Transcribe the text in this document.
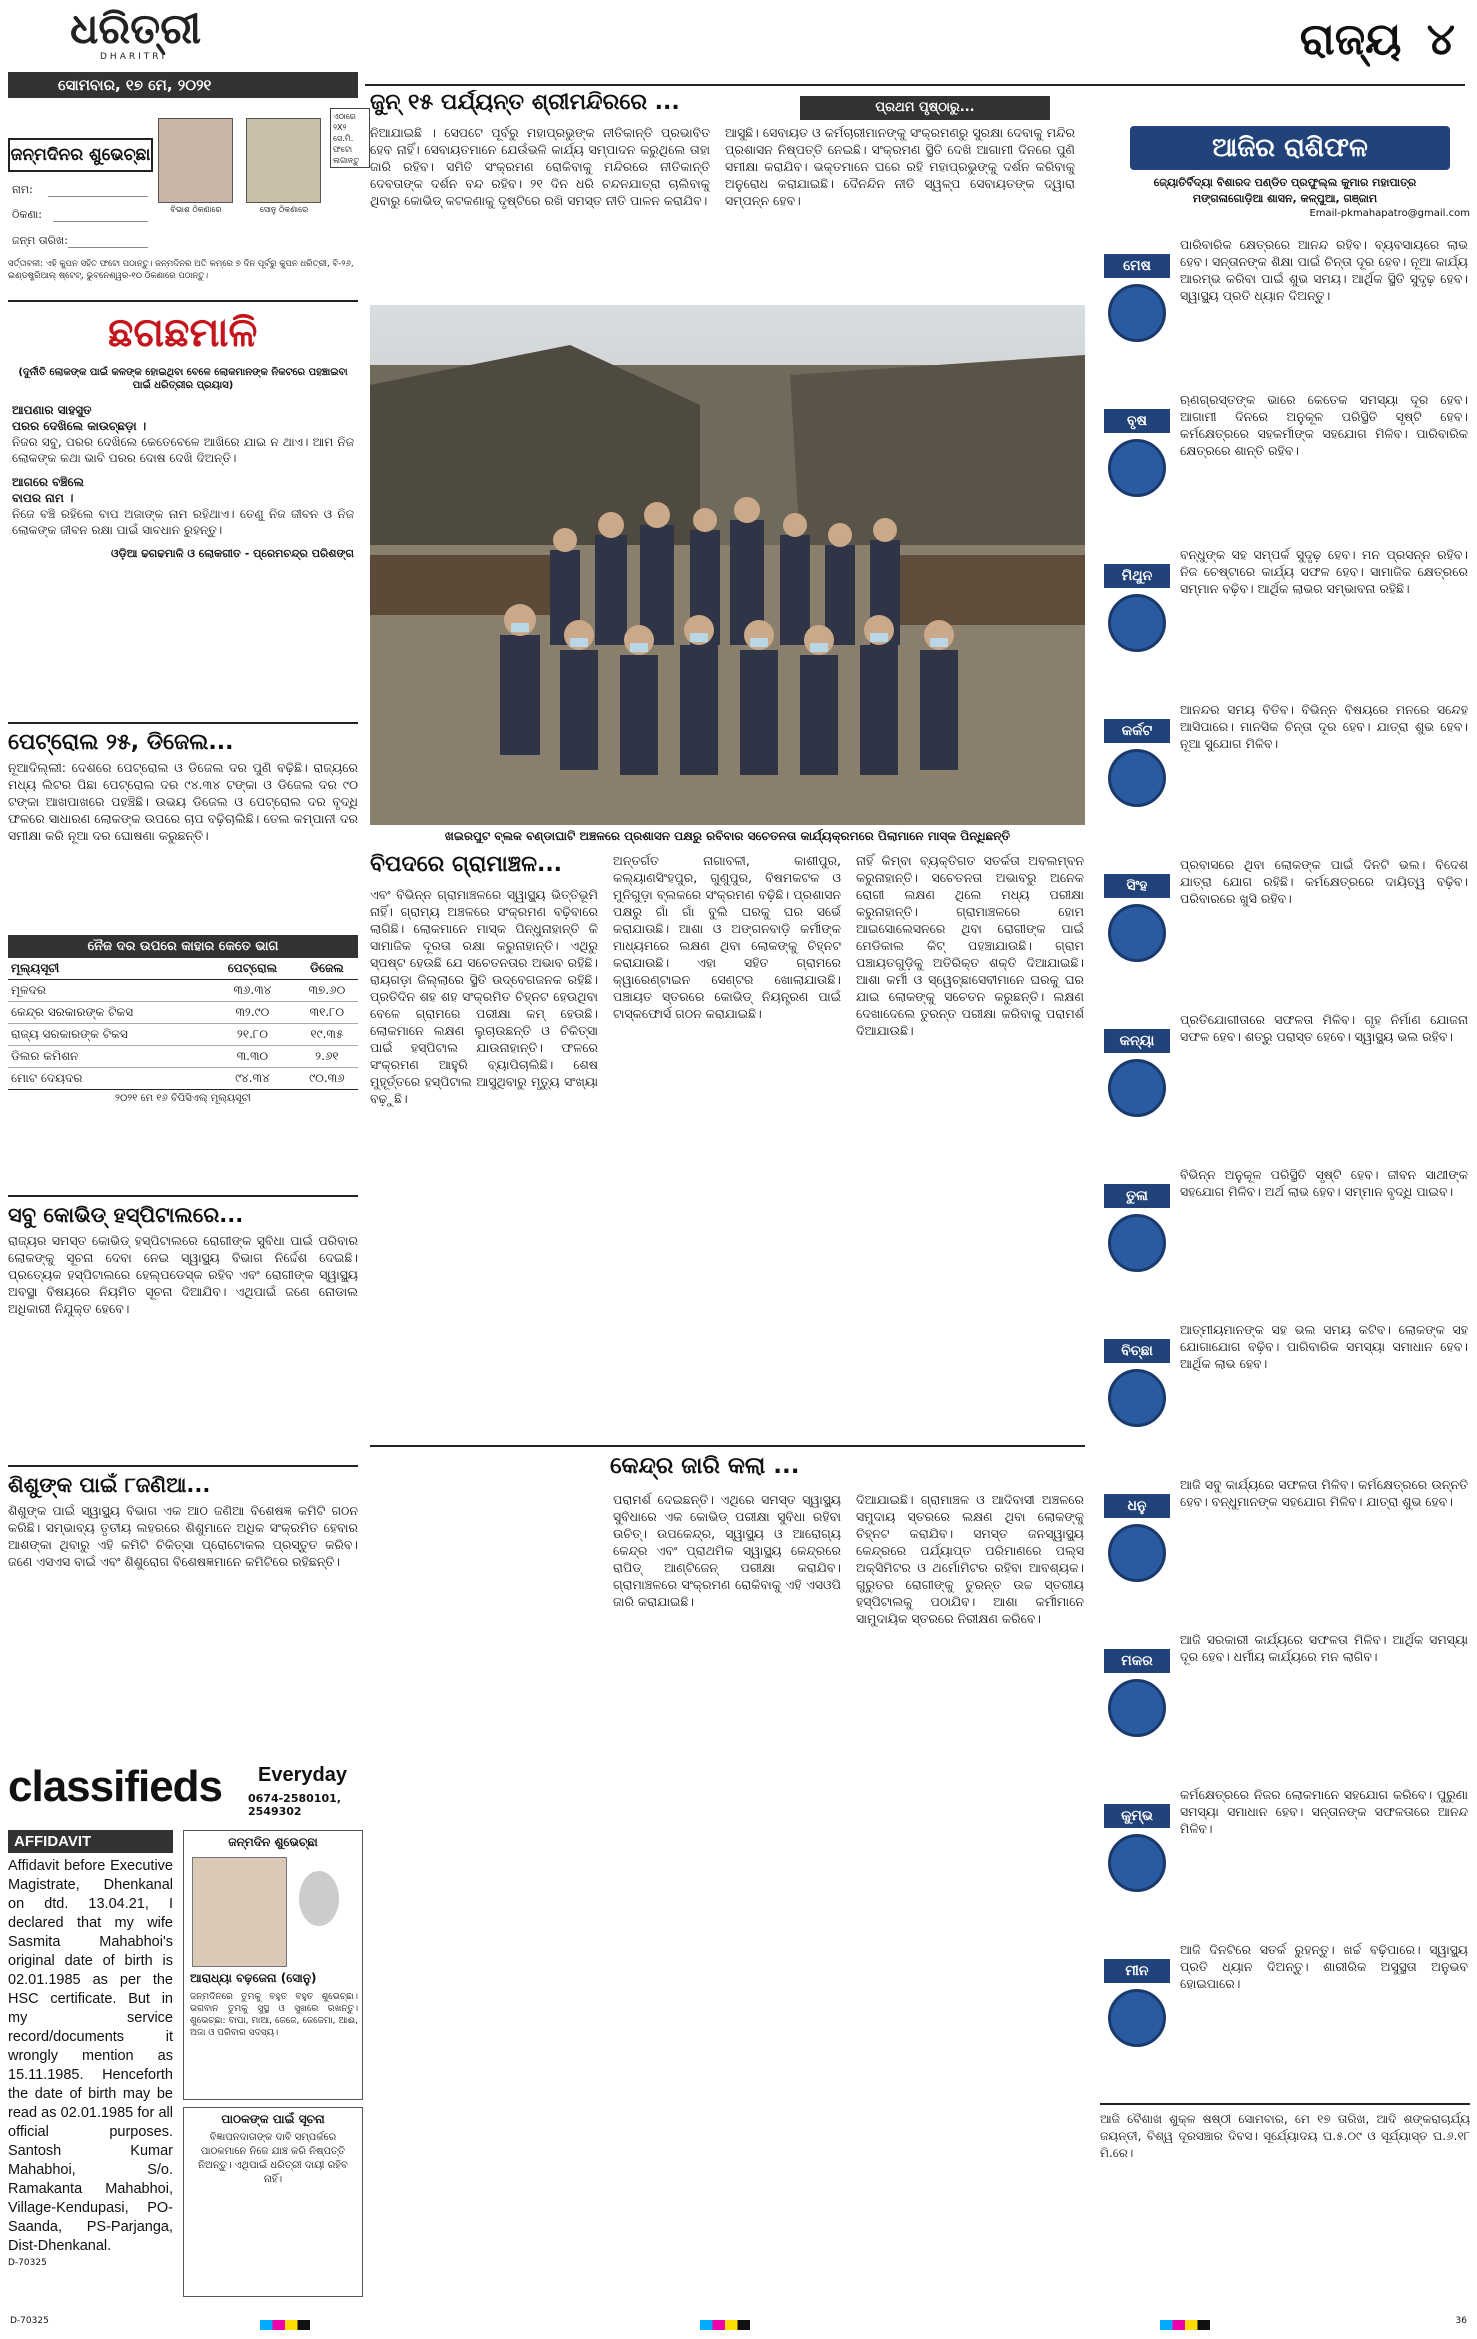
ଧରିତ୍ରୀ
DHARITRI	ରାଜ୍ୟ ୪
ସୋମବାର, ୧୭ ମେ, ୨୦୨୧
ଜନ୍ମଦିନର ଶୁଭେଚ୍ଛା
ବିଭାଶ ଠିକଣାରେ	ସୋନୁ ଠିକଣାରେ
ନାମ:
ଠିକଣା:
ଜନ୍ମ ତାରିଖ:
ସର୍ତ୍ତାବଳୀ: ଏହି କୁପନ ସହିତ ଫଟୋ ପଠାନ୍ତୁ। ଜନ୍ମଦିନର ଅତି କମ୍‌ରେ ୭ ଦିନ ପୂର୍ବରୁ କୁପନ ଧରିତ୍ରୀ, ବି-୨୬, ଇଣ୍ଡଷ୍ଟ୍ରିଆଲ୍ ଷ୍ଟେଟ୍, ଭୁବନେଶ୍ୱର-୧୦ ଠିକଣାରେ ପଠାନ୍ତୁ।
ଏଠାରେ ୨X୨ ସେ.ମି. ଫଟୋ ଲଗାନ୍ତୁ
ଛଗଛମାଳି
(ଦୁର୍ନୀତି ଲୋକଙ୍କ ପାଇଁ କଳଙ୍କ ହୋଇଥିବା ବେଳେ ଲୋକମାନଙ୍କ ନିକଟରେ ପହଞ୍ଚାଇବା ପାଇଁ ଧରିତ୍ରୀର ପ୍ରୟାସ)
ଆପଣାର ସାହସୁତ
ପରର ଦେଖିଲେ କାଉଚ୍ଛଡ଼ା ।
ନିଜର ସବୁ, ପରର ଦେଖିଲେ କେତେବେଳେ ଆଖିରେ ଯାଇ ନ ଥାଏ। ଆମ ନିଜ ଲୋକଙ୍କ କଥା ଭାବି ପରର ଦୋଷ ଦେଖି ଦିଅନ୍ତି।
ଆଗରେ ବଞ୍ଚିଲେ
ବାପର ନାମ ।
ନିଜେ ବଞ୍ଚି ରହିଲେ ବାପ ଅଜାଙ୍କ ନାମ ରହିଥାଏ। ତେଣୁ ନିଜ ଜୀବନ ଓ ନିଜ ଲୋକଙ୍କ ଜୀବନ ରକ୍ଷା ପାଇଁ ସାବଧାନ ରୁହନ୍ତୁ।
ଓଡ଼ିଆ ଢଗଢମାଳି ଓ ଲୋକଗୀତ - ପ୍ରେମଚନ୍ଦ୍ର ପରିଶଙ୍ଗ
ପେଟ୍ରୋଲ ୨୫, ଡିଜେଲ...
ନୂଆଦିଲ୍ଲୀ: ଦେଶରେ ପେଟ୍ରୋଲ ଓ ଡିଜେଲ ଦର ପୁଣି ବଢ଼ିଛି। ରାଜ୍ୟରେ ମଧ୍ୟ ଲିଟର ପିଛା ପେଟ୍ରୋଲ ଦର ୯୪.୩୪ ଟଙ୍କା ଓ ଡିଜେଲ ଦର ୯୦ ଟଙ୍କା ଆଖପାଖରେ ପହଞ୍ଚିଛି। ଉଭୟ ଡିଜେଲ ଓ ପେଟ୍ରୋଲ ଦର ବୃଦ୍ଧି ଫଳରେ ସାଧାରଣ ଲୋକଙ୍କ ଉପରେ ଚାପ ବଢ଼ିଚାଲିଛି। ତେଲ କମ୍ପାନୀ ଦର ସମୀକ୍ଷା କରି ନୂଆ ଦର ଘୋଷଣା କରୁଛନ୍ତି।
ନୈଜ ଦର ଉପରେ କାହାର କେତେ ଭାଗ
ମୂଲ୍ୟସୂଚୀ	ପେଟ୍ରୋଲ	ଡିଜେଲ
ମୂଳଦର	୩୬.୩୪	୩୭.୬୦
କେନ୍ଦ୍ର ସରକାରଙ୍କ ଟିକସ	୩୨.୯୦	୩୧.୮୦
ରାଜ୍ୟ ସରକାରଙ୍କ ଟିକସ	୨୧.୮୦	୧୯.୩୫
ଡିଲର କମିଶନ	୩.୩୦	୨.୬୧
ମୋଟ ଦେୟଦର	୯୪.୩୪	୯୦.୩୬
୨୦୨୧ ମେ ୧୬ ବିପିସିଏଲ୍ ମୂଲ୍ୟସୂଚୀ
ସବୁ କୋଭିଡ୍ ହସ୍ପିଟାଲରେ...
ରାଜ୍ୟର ସମସ୍ତ କୋଭିଡ୍ ହସ୍ପିଟାଲରେ ରୋଗୀଙ୍କ ସୁବିଧା ପାଇଁ ପରିବାର ଲୋକଙ୍କୁ ସୂଚନା ଦେବା ନେଇ ସ୍ୱାସ୍ଥ୍ୟ ବିଭାଗ ନିର୍ଦ୍ଦେଶ ଦେଇଛି। ପ୍ରତ୍ୟେକ ହସ୍ପିଟାଲରେ ହେଲ୍ପଡେସ୍କ ରହିବ ଏବଂ ରୋଗୀଙ୍କ ସ୍ୱାସ୍ଥ୍ୟ ଅବସ୍ଥା ବିଷୟରେ ନିୟମିତ ସୂଚନା ଦିଆଯିବ। ଏଥିପାଇଁ ଜଣେ ନୋଡାଲ ଅଧିକାରୀ ନିଯୁକ୍ତ ହେବେ।
ଶିଶୁଙ୍କ ପାଇଁ ୮ଜଣିଆ...
ଶିଶୁଙ୍କ ପାଇଁ ସ୍ୱାସ୍ଥ୍ୟ ବିଭାଗ ଏକ ଆଠ ଜଣିଆ ବିଶେଷଜ୍ଞ କମିଟି ଗଠନ କରିଛି। ସମ୍ଭାବ୍ୟ ତୃତୀୟ ଲହରରେ ଶିଶୁମାନେ ଅଧିକ ସଂକ୍ରମିତ ହେବାର ଆଶଙ୍କା ଥିବାରୁ ଏହି କମିଟି ଚିକିତ୍ସା ପ୍ରୋଟୋକଲ ପ୍ରସ୍ତୁତ କରିବ। ଜଣେ ଏସଏସ ବାଇଁ ଏବଂ ଶିଶୁରୋଗ ବିଶେଷଜ୍ଞମାନେ କମିଟିରେ ରହିଛନ୍ତି।
classifieds Everyday
0674-2580101, 2549302
AFFIDAVIT
Affidavit before Executive Magistrate, Dhenkanal on dtd. 13.04.21, I declared that my wife Sasmita Mahabhoi's original date of birth is 02.01.1985 as per the HSC certificate. But in my service record/documents it wrongly mention as 15.11.1985. Henceforth the date of birth may be read as 02.01.1985 for all official purposes. Santosh Kumar Mahabhoi, S/o. Ramakanta Mahabhoi, Village-Kendupasi, PO-Saanda, PS-Parjanga, Dist-Dhenkanal.
D-70325
ଜନ୍ମଦିନ ଶୁଭେଚ୍ଛା
ଆରାଧ୍ୟା ବଢ଼ଜେନା (ସୋନୁ)
ଜନ୍ମଦିନରେ ତୁମକୁ ବହୁତ ବହୁତ ଶୁଭେଚ୍ଛା। ଭଗବାନ ତୁମକୁ ସୁସ୍ଥ ଓ ସୁଖରେ ରଖନ୍ତୁ। ଶୁଭେଚ୍ଛା: ବାପା, ମାଆ, ଜେଜେ, ଜେଜେମା, ଆଈ, ଅଜା ଓ ପରିବାର ସଦସ୍ୟ।
ପାଠକଙ୍କ ପାଇଁ ସୂଚନା
ବିଜ୍ଞାପନଦାତାଙ୍କ ଦାବି ସମ୍ପର୍କରେ ପାଠକମାନେ ନିଜେ ଯାଞ୍ଚ କରି ନିଷ୍ପତ୍ତି ନିଅନ୍ତୁ। ଏଥିପାଇଁ ଧରିତ୍ରୀ ଦାୟୀ ରହିବ ନାହିଁ।
ଜୁନ୍ ୧୫ ପର୍ଯ୍ୟନ୍ତ ଶ୍ରୀମନ୍ଦିରରେ ...	ପ୍ରଥମ ପୃଷ୍ଠାରୁ...
ନିଆଯାଇଛି । ସେପଟେ ପୂର୍ବରୁ ମହାପ୍ରଭୁଙ୍କ ନୀତିକାନ୍ତି ପ୍ରଭାବିତ ହେବ ନାହିଁ। ସେବାୟତମାନେ ଯେଉଁଭଳି କାର୍ଯ୍ୟ ସମ୍ପାଦନ କରୁଥିଲେ ତାହା ଜାରି ରହିବ। ସମିତି ସଂକ୍ରମଣ ରୋକିବାକୁ ମନ୍ଦିରରେ ନୀତିକାନ୍ତି ଦେବତାଙ୍କ ଦର୍ଶନ ବନ୍ଦ ରହିବ। ୨୧ ଦିନ ଧରି ଚନ୍ଦନଯାତ୍ରା ଚାଲିବାକୁ ଥିବାରୁ କୋଭିଡ୍ କଟକଣାକୁ ଦୃଷ୍ଟିରେ ରଖି ସମସ୍ତ ନୀତି ପାଳନ କରାଯିବ।
ଆସୁଛି। ସେବାୟତ ଓ କର୍ମଚାରୀମାନଙ୍କୁ ସଂକ୍ରମଣରୁ ସୁରକ୍ଷା ଦେବାକୁ ମନ୍ଦିର ପ୍ରଶାସନ ନିଷ୍ପତ୍ତି ନେଇଛି। ସଂକ୍ରମଣ ସ୍ଥିତି ଦେଖି ଆଗାମୀ ଦିନରେ ପୁଣି ସମୀକ୍ଷା କରାଯିବ। ଭକ୍ତମାନେ ଘରେ ରହି ମହାପ୍ରଭୁଙ୍କୁ ଦର୍ଶନ କରିବାକୁ ଅନୁରୋଧ କରାଯାଇଛି। ଦୈନନ୍ଦିନ ନୀତି ସ୍ୱଳ୍ପ ସେବାୟତଙ୍କ ଦ୍ୱାରା ସମ୍ପନ୍ନ ହେବ।
ଖଇରପୁଟ ବ୍ଲକ ବଣ୍ଡାଘାଟି ଅଞ୍ଚଳରେ ପ୍ରଶାସନ ପକ୍ଷରୁ ରବିବାର ସଚେତନତା କାର୍ଯ୍ୟକ୍ରମରେ ପିଲାମାନେ ମାସ୍କ ପିନ୍ଧିଛନ୍ତି
ବିପଦରେ ଗ୍ରାମାଞ୍ଚଳ...
ଏବଂ ବିଭିନ୍ନ ଗ୍ରାମାଞ୍ଚଳରେ ସ୍ୱାସ୍ଥ୍ୟ ଭିତ୍ତିଭୂମି ନାହିଁ। ଗ୍ରାମ୍ୟ ଅଞ୍ଚଳରେ ସଂକ୍ରମଣ ବଢ଼ିବାରେ ଲାଗିଛି। ଲୋକମାନେ ମାସ୍କ ପିନ୍ଧୁନାହାନ୍ତି କି ସାମାଜିକ ଦୂରତା ରକ୍ଷା କରୁନାହାନ୍ତି। ଏଥିରୁ ସ୍ପଷ୍ଟ ହେଉଛି ଯେ ସଚେତନତାର ଅଭାବ ରହିଛି। ରାୟଗଡ଼ା ଜିଲ୍ଲାରେ ସ୍ଥିତି ଉଦ୍‌ବେଗଜନକ ରହିଛି। ପ୍ରତିଦିନ ଶହ ଶହ ସଂକ୍ରମିତ ଚିହ୍ନଟ ହେଉଥିବା ବେଳେ ଗ୍ରାମରେ ପରୀକ୍ଷା କମ୍ ହେଉଛି। ଲୋକମାନେ ଲକ୍ଷଣ ଲୁଚାଉଛନ୍ତି ଓ ଚିକିତ୍ସା ପାଇଁ ହସ୍ପିଟାଲ ଯାଉନାହାନ୍ତି। ଫଳରେ ସଂକ୍ରମଣ ଆହୁରି ବ୍ୟାପିଚାଲିଛି। ଶେଷ ମୁହୂର୍ତ୍ତରେ ହସ୍ପିଟାଲ ଆସୁଥିବାରୁ ମୃତ୍ୟୁ ସଂଖ୍ୟା ବଢ଼ୁଛି।
ଅନ୍ତର୍ଗତ ନାଗାବଳୀ, କାଶୀପୁର, କଲ୍ୟାଣସିଂହପୁର, ଗୁଣୁପୁର, ବିଷମକଟକ ଓ ମୁନିଗୁଡ଼ା ବ୍ଲକରେ ସଂକ୍ରମଣ ବଢ଼ିଛି। ପ୍ରଶାସନ ପକ୍ଷରୁ ଗାଁ ଗାଁ ବୁଲି ଘରକୁ ଘର ସର୍ଭେ କରାଯାଉଛି। ଆଶା ଓ ଅଙ୍ଗନବାଡ଼ି କର୍ମୀଙ୍କ ମାଧ୍ୟମରେ ଲକ୍ଷଣ ଥିବା ଲୋକଙ୍କୁ ଚିହ୍ନଟ କରାଯାଉଛି। ଏହା ସହିତ ଗ୍ରାମରେ କ୍ୱାରେଣ୍ଟାଇନ ସେଣ୍ଟର ଖୋଲାଯାଉଛି। ପଞ୍ଚାୟତ ସ୍ତରରେ କୋଭିଡ୍ ନିୟନ୍ତ୍ରଣ ପାଇଁ ଟାସ୍କଫୋର୍ସ ଗଠନ କରାଯାଇଛି।
ନାହିଁ କିମ୍ବା ବ୍ୟକ୍ତିଗତ ସତର୍କତା ଅବଲମ୍ବନ କରୁନାହାନ୍ତି। ସଚେତନତା ଅଭାବରୁ ଅନେକ ରୋଗୀ ଲକ୍ଷଣ ଥିଲେ ମଧ୍ୟ ପରୀକ୍ଷା କରୁନାହାନ୍ତି। ଗ୍ରାମାଞ୍ଚଳରେ ହୋମ ଆଇସୋଲେସନରେ ଥିବା ରୋଗୀଙ୍କ ପାଇଁ ମେଡିକାଲ କିଟ୍ ପହଞ୍ଚାଯାଉଛି। ଗ୍ରାମ ପଞ୍ଚାୟତଗୁଡ଼ିକୁ ଅତିରିକ୍ତ ଶକ୍ତି ଦିଆଯାଇଛି। ଆଶା କର୍ମୀ ଓ ସ୍ୱେଚ୍ଛାସେବୀମାନେ ଘରକୁ ଘର ଯାଇ ଲୋକଙ୍କୁ ସଚେତନ କରୁଛନ୍ତି। ଲକ୍ଷଣ ଦେଖାଦେଲେ ତୁରନ୍ତ ପରୀକ୍ଷା କରିବାକୁ ପରାମର୍ଶ ଦିଆଯାଉଛି।
କେନ୍ଦ୍ର ଜାରି କଲା ...
ପରାମର୍ଶ ଦେଇଛନ୍ତି। ଏଥିରେ ସମସ୍ତ ସ୍ୱାସ୍ଥ୍ୟ ସୁବିଧାରେ ଏକ କୋଭିଡ୍ ପରୀକ୍ଷା ସୁବିଧା ରହିବା ଉଚିତ୍। ଉପକେନ୍ଦ୍ର, ସ୍ୱାସ୍ଥ୍ୟ ଓ ଆରୋଗ୍ୟ କେନ୍ଦ୍ର ଏବଂ ପ୍ରାଥମିକ ସ୍ୱାସ୍ଥ୍ୟ କେନ୍ଦ୍ରରେ ରାପିଡ୍ ଆଣ୍ଟିଜେନ୍ ପରୀକ୍ଷା କରାଯିବ। ଗ୍ରାମାଞ୍ଚଳରେ ସଂକ୍ରମଣ ରୋକିବାକୁ ଏହି ଏସଓପି ଜାରି କରାଯାଇଛି।
ଦିଆଯାଇଛି। ଗ୍ରାମାଞ୍ଚଳ ଓ ଆଦିବାସୀ ଅଞ୍ଚଳରେ ସମୁଦାୟ ସ୍ତରରେ ଲକ୍ଷଣ ଥିବା ଲୋକଙ୍କୁ ଚିହ୍ନଟ କରାଯିବ। ସମସ୍ତ ଜନସ୍ୱାସ୍ଥ୍ୟ କେନ୍ଦ୍ରରେ ପର୍ଯ୍ୟାପ୍ତ ପରିମାଣରେ ପଲ୍ସ ଅକ୍ସିମିଟର ଓ ଥର୍ମୋମିଟର ରହିବା ଆବଶ୍ୟକ। ଗୁରୁତର ରୋଗୀଙ୍କୁ ତୁରନ୍ତ ଉଚ୍ଚ ସ୍ତରୀୟ ହସ୍ପିଟାଲକୁ ପଠାଯିବ। ଆଶା କର୍ମୀମାନେ ସାମୁଦାୟିକ ସ୍ତରରେ ନିରୀକ୍ଷଣ କରିବେ।
ଆଜିର ରାଶିଫଳ
ଜ୍ୟୋତିର୍ବିଦ୍ୟା ବିଶାରଦ ପଣ୍ଡିତ ପ୍ରଫୁଲ୍ଲ କୁମାର ମହାପାତ୍ର
ମଙ୍ଗଳାଗୋଡ଼ିଆ ଶାସନ, କଳ୍ପୁଆ, ଗଞ୍ଜାମ
Email-pkmahapatro@gmail.com
ମେଷ
ପାରିବାରିକ କ୍ଷେତ୍ରରେ ଆନନ୍ଦ ରହିବ। ବ୍ୟବସାୟରେ ଲାଭ ହେବ। ସନ୍ତାନଙ୍କ ଶିକ୍ଷା ପାଇଁ ଚିନ୍ତା ଦୂର ହେବ। ନୂଆ କାର୍ଯ୍ୟ ଆରମ୍ଭ କରିବା ପାଇଁ ଶୁଭ ସମୟ। ଆର୍ଥିକ ସ୍ଥିତି ସୁଦୃଢ଼ ହେବ। ସ୍ୱାସ୍ଥ୍ୟ ପ୍ରତି ଧ୍ୟାନ ଦିଅନ୍ତୁ।
ବୃଷ
ଋଣଗ୍ରସ୍ତଙ୍କ ଭାରେ କେତେକ ସମସ୍ୟା ଦୂର ହେବ। ଆଗାମୀ ଦିନରେ ଅନୁକୂଳ ପରିସ୍ଥିତି ସୃଷ୍ଟି ହେବ। କର୍ମକ୍ଷେତ୍ରରେ ସହକର୍ମୀଙ୍କ ସହଯୋଗ ମିଳିବ। ପାରିବାରିକ କ୍ଷେତ୍ରରେ ଶାନ୍ତି ରହିବ।
ମିଥୁନ
ବନ୍ଧୁଙ୍କ ସହ ସମ୍ପର୍କ ସୁଦୃଢ଼ ହେବ। ମନ ପ୍ରସନ୍ନ ରହିବ। ନିଜ ଚେଷ୍ଟାରେ କାର୍ଯ୍ୟ ସଫଳ ହେବ। ସାମାଜିକ କ୍ଷେତ୍ରରେ ସମ୍ମାନ ବଢ଼ିବ। ଆର୍ଥିକ ଲାଭର ସମ୍ଭାବନା ରହିଛି।
କର୍କଟ
ଆନନ୍ଦର ସମୟ ବିତିବ। ବିଭିନ୍ନ ବିଷୟରେ ମନରେ ସନ୍ଦେହ ଆସିପାରେ। ମାନସିକ ଚିନ୍ତା ଦୂର ହେବ। ଯାତ୍ରା ଶୁଭ ହେବ। ନୂଆ ସୁଯୋଗ ମିଳିବ।
ସିଂହ
ପ୍ରବାସରେ ଥିବା ଲୋକଙ୍କ ପାଇଁ ଦିନଟି ଭଲ। ବିଦେଶ ଯାତ୍ରା ଯୋଗ ରହିଛି। କର୍ମକ୍ଷେତ୍ରରେ ଦାୟିତ୍ୱ ବଢ଼ିବ। ପରିବାରରେ ଖୁସି ରହିବ।
କନ୍ୟା
ପ୍ରତିଯୋଗୀତାରେ ସଫଳତା ମିଳିବ। ଗୃହ ନିର୍ମାଣ ଯୋଜନା ସଫଳ ହେବ। ଶତ୍ରୁ ପରାସ୍ତ ହେବେ। ସ୍ୱାସ୍ଥ୍ୟ ଭଲ ରହିବ।
ତୁଳା
ବିଭିନ୍ନ ଅନୁକୂଳ ପରିସ୍ଥିତି ସୃଷ୍ଟି ହେବ। ଜୀବନ ସାଥୀଙ୍କ ସହଯୋଗ ମିଳିବ। ଅର୍ଥ ଲାଭ ହେବ। ସମ୍ମାନ ବୃଦ୍ଧି ପାଇବ।
ବିଚ୍ଛା
ଆତ୍ମୀୟମାନଙ୍କ ସହ ଭଲ ସମୟ କଟିବ। ଲୋକଙ୍କ ସହ ଯୋଗାଯୋଗ ବଢ଼ିବ। ପାରିବାରିକ ସମସ୍ୟା ସମାଧାନ ହେବ। ଆର୍ଥିକ ଲାଭ ହେବ।
ଧନୁ
ଆଜି ସବୁ କାର୍ଯ୍ୟରେ ସଫଳତା ମିଳିବ। କର୍ମକ୍ଷେତ୍ରରେ ଉନ୍ନତି ହେବ। ବନ୍ଧୁମାନଙ୍କ ସହଯୋଗ ମିଳିବ। ଯାତ୍ରା ଶୁଭ ହେବ।
ମକର
ଆଜି ସରକାରୀ କାର୍ଯ୍ୟରେ ସଫଳତା ମିଳିବ। ଆର୍ଥିକ ସମସ୍ୟା ଦୂର ହେବ। ଧର୍ମୀୟ କାର୍ଯ୍ୟରେ ମନ ଲାଗିବ।
କୁମ୍ଭ
କର୍ମକ୍ଷେତ୍ରରେ ନିଜର ଲୋକମାନେ ସହଯୋଗ କରିବେ। ପୁରୁଣା ସମସ୍ୟା ସମାଧାନ ହେବ। ସନ୍ତାନଙ୍କ ସଫଳତାରେ ଆନନ୍ଦ ମିଳିବ।
ମୀନ
ଆଜି ଦିନଟିରେ ସତର୍କ ରୁହନ୍ତୁ। ଖର୍ଚ୍ଚ ବଢ଼ିପାରେ। ସ୍ୱାସ୍ଥ୍ୟ ପ୍ରତି ଧ୍ୟାନ ଦିଅନ୍ତୁ। ଶାରୀରିକ ଅସୁସ୍ଥତା ଅନୁଭବ ହୋଇପାରେ।
ଆଜି ବୈଶାଖ ଶୁକ୍ଳ ଷଷ୍ଠୀ ସୋମବାର, ମେ ୧୭ ତାରିଖ, ଆଦି ଶଙ୍କରାଚାର୍ଯ୍ୟ ଜୟନ୍ତୀ, ବିଶ୍ୱ ଦୂରସଞ୍ଚାର ଦିବସ। ସୂର୍ଯ୍ୟୋଦୟ ଘ.୫.୦୯ ଓ ସୂର୍ଯ୍ୟାସ୍ତ ଘ.୬.୧୮ ମି.ରେ।
D-70325	36
